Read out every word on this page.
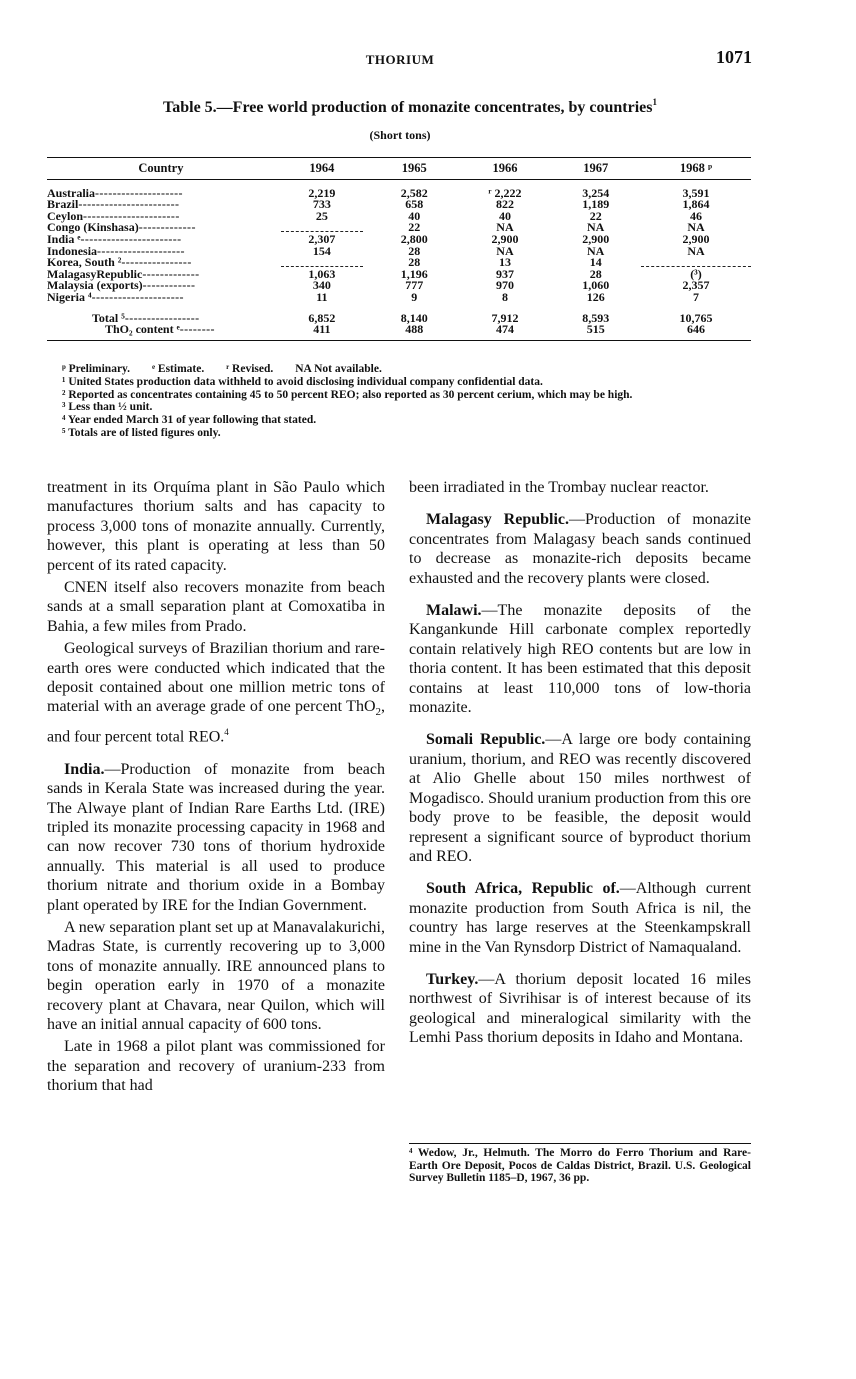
THORIUM	1071
Table 5.—Free world production of monazite concentrates, by countries$^1$
(Short tons)
Country	1964	1965	1966	1967	1968 ᵖ
Australia--------------------	2,219	2,582	ʳ 2,222	3,254	3,591
Brazil-----------------------	733	658	822	1,189	1,864
Ceylon----------------------	25	40	40	22	46
Congo (Kinshasa)-------------		22	NA	NA	NA
India ᵉ-----------------------	2,307	2,800	2,900	2,900	2,900
Indonesia--------------------	154	28	NA	NA	NA
Korea, South ²----------------		28	13	14	
MalagasyRepublic-------------	1,063	1,196	937	28	(³)
Malaysia (exports)------------	340	777	970	1,060	2,357
Nigeria ⁴---------------------	11	9	8	126	7
Total ⁵-----------------	6,852	8,140	7,912	8,593	10,765
ThO₂ content ᵉ--------	411	488	474	515	646

ᵖ Preliminary. ᵉ Estimate. ʳ Revised. NA Not available.

¹ United States production data withheld to avoid disclosing individual company confidential data.

² Reported as concentrates containing 45 to 50 percent REO; also reported as 30 percent cerium, which may be high.

³ Less than ½ unit.

⁴ Year ended March 31 of year following that stated.

⁵ Totals are of listed figures only.

treatment in its Orquíma plant in São Paulo which manufactures thorium salts and has capacity to process 3,000 tons of monazite annually. Currently, however, this plant is operating at less than 50 percent of its rated capacity.

CNEN itself also recovers monazite from beach sands at a small separation plant at Comoxatiba in Bahia, a few miles from Prado.

Geological surveys of Brazilian thorium and rare-earth ores were conducted which indicated that the deposit contained about one million metric tons of material with an average grade of one percent ThO$_2$, and four percent total REO.$^4$

India.—Production of monazite from beach sands in Kerala State was increased during the year. The Alwaye plant of Indian Rare Earths Ltd. (IRE) tripled its monazite processing capacity in 1968 and can now recover 730 tons of thorium hydroxide annually. This material is all used to produce thorium nitrate and thorium oxide in a Bombay plant operated by IRE for the Indian Government.

A new separation plant set up at Manavalakurichi, Madras State, is currently recovering up to 3,000 tons of monazite annually. IRE announced plans to begin operation early in 1970 of a monazite recovery plant at Chavara, near Quilon, which will have an initial annual capacity of 600 tons.

Late in 1968 a pilot plant was commissioned for the separation and recovery of uranium-233 from thorium that had

been irradiated in the Trombay nuclear reactor.

Malagasy Republic.—Production of monazite concentrates from Malagasy beach sands continued to decrease as monazite-rich deposits became exhausted and the recovery plants were closed.

Malawi.—The monazite deposits of the Kangankunde Hill carbonate complex reportedly contain relatively high REO contents but are low in thoria content. It has been estimated that this deposit contains at least 110,000 tons of low-thoria monazite.

Somali Republic.—A large ore body containing uranium, thorium, and REO was recently discovered at Alio Ghelle about 150 miles northwest of Mogadisco. Should uranium production from this ore body prove to be feasible, the deposit would represent a significant source of byproduct thorium and REO.

South Africa, Republic of.—Although current monazite production from South Africa is nil, the country has large reserves at the Steenkampskrall mine in the Van Rynsdorp District of Namaqualand.

Turkey.—A thorium deposit located 16 miles northwest of Sivrihisar is of interest because of its geological and mineralogical similarity with the Lemhi Pass thorium deposits in Idaho and Montana.

⁴ Wedow, Jr., Helmuth. The Morro do Ferro Thorium and Rare-Earth Ore Deposit, Pocos de Caldas District, Brazil. U.S. Geological Survey Bulletin 1185–D, 1967, 36 pp.
